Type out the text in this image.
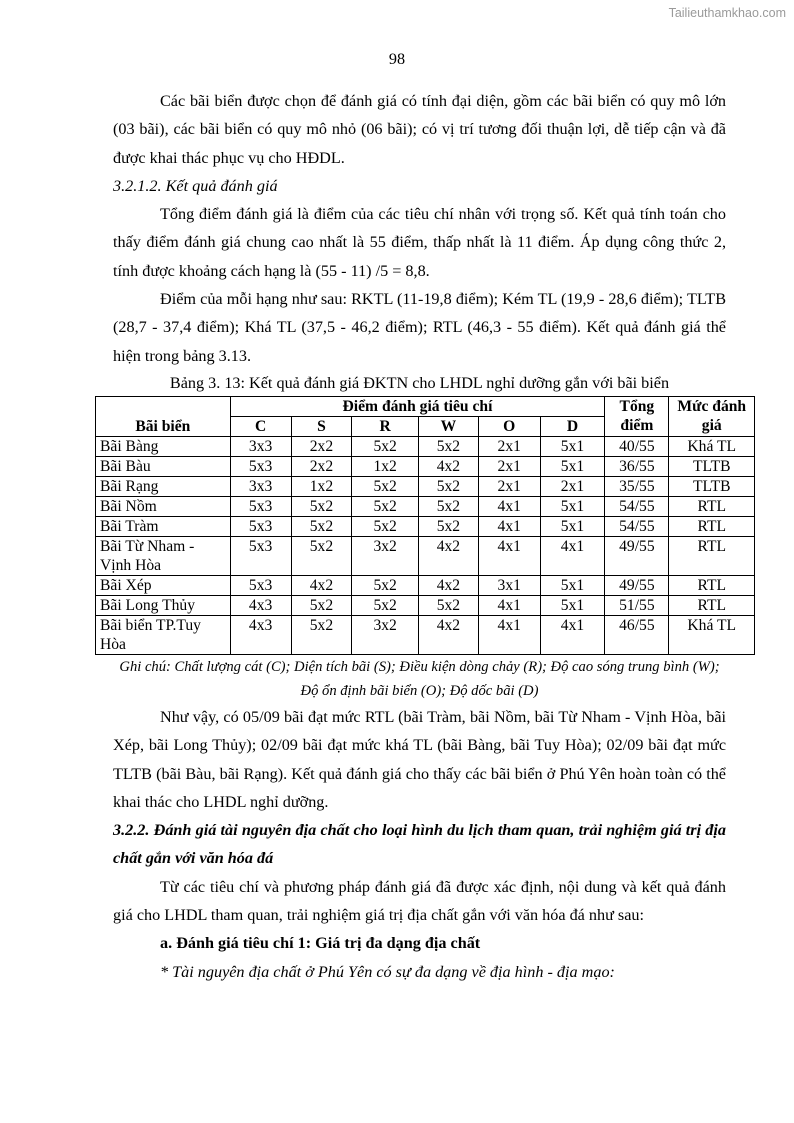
Tailieuthamkhao.com
98

Các bãi biển được chọn để đánh giá có tính đại diện, gồm các bãi biển có quy mô lớn (03 bãi), các bãi biển có quy mô nhỏ (06 bãi); có vị trí tương đối thuận lợi, dễ tiếp cận và đã được khai thác phục vụ cho HĐDL.

3.2.1.2. Kết quả đánh giá

Tổng điểm đánh giá là điểm của các tiêu chí nhân với trọng số. Kết quả tính toán cho thấy điểm đánh giá chung cao nhất là 55 điểm, thấp nhất là 11 điểm. Áp dụng công thức 2, tính được khoảng cách hạng là (55 - 11) /5 = 8,8.

Điểm của mỗi hạng như sau: RKTL (11-19,8 điểm); Kém TL (19,9 - 28,6 điểm); TLTB (28,7 - 37,4 điểm); Khá TL (37,5 - 46,2 điểm); RTL (46,3 - 55 điểm). Kết quả đánh giá thể hiện trong bảng 3.13.

Bảng 3. 13: Kết quả đánh giá ĐKTN cho LHDL nghỉ dưỡng gắn với bãi biển

Bãi biển	Điểm đánh giá tiêu chí						Tổng điểm	Mức đánh giá
	C	S	R	W	O	D		
Bãi Bàng	3x3	2x2	5x2	5x2	2x1	5x1	40/55	Khá TL
Bãi Bàu	5x3	2x2	1x2	4x2	2x1	5x1	36/55	TLTB
Bãi Rạng	3x3	1x2	5x2	5x2	2x1	2x1	35/55	TLTB
Bãi Nồm	5x3	5x2	5x2	5x2	4x1	5x1	54/55	RTL
Bãi Tràm	5x3	5x2	5x2	5x2	4x1	5x1	54/55	RTL
Bãi Từ Nham - Vịnh Hòa	5x3	5x2	3x2	4x2	4x1	4x1	49/55	RTL
Bãi Xép	5x3	4x2	5x2	4x2	3x1	5x1	49/55	RTL
Bãi Long Thủy	4x3	5x2	5x2	5x2	4x1	5x1	51/55	RTL
Bãi biển TP.Tuy Hòa	4x3	5x2	3x2	4x2	4x1	4x1	46/55	Khá TL

Ghi chú: Chất lượng cát (C); Diện tích bãi (S); Điều kiện dòng chảy (R); Độ cao sóng trung bình (W); Độ ổn định bãi biển (O); Độ dốc bãi (D)

Như vậy, có 05/09 bãi đạt mức RTL (bãi Tràm, bãi Nồm, bãi Từ Nham - Vịnh Hòa, bãi Xép, bãi Long Thủy); 02/09 bãi đạt mức khá TL (bãi Bàng, bãi Tuy Hòa); 02/09 bãi đạt mức TLTB (bãi Bàu, bãi Rạng). Kết quả đánh giá cho thấy các bãi biển ở Phú Yên hoàn toàn có thể khai thác cho LHDL nghỉ dưỡng.

3.2.2. Đánh giá tài nguyên địa chất cho loại hình du lịch tham quan, trải nghiệm giá trị địa chất gắn với văn hóa đá

Từ các tiêu chí và phương pháp đánh giá đã được xác định, nội dung và kết quả đánh giá cho LHDL tham quan, trải nghiệm giá trị địa chất gắn với văn hóa đá như sau:

a. Đánh giá tiêu chí 1: Giá trị đa dạng địa chất

* Tài nguyên địa chất ở Phú Yên có sự đa dạng về địa hình - địa mạo:
